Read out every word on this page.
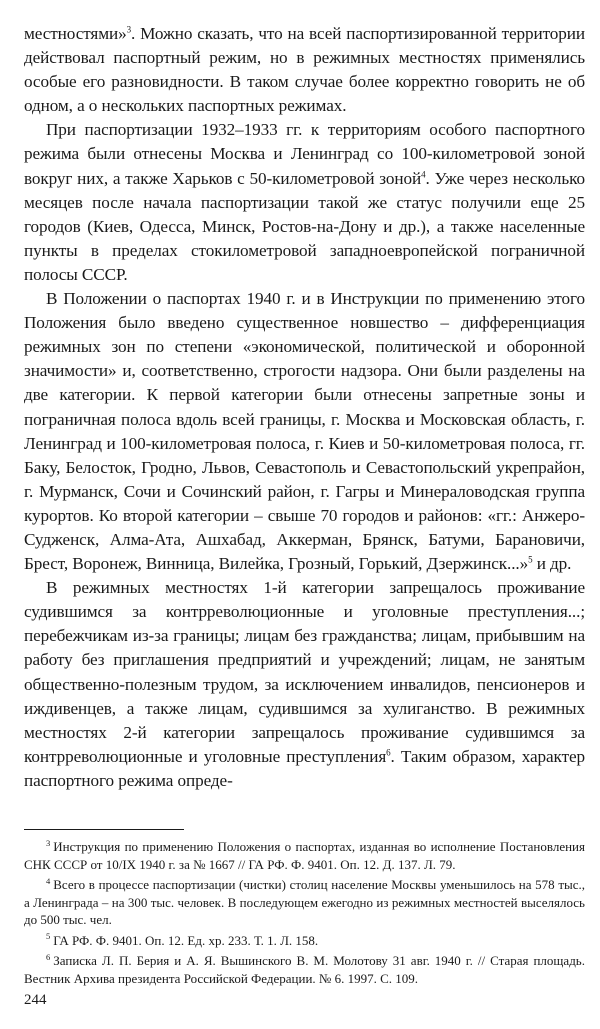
местностями»$^3$. Можно сказать, что на всей паспортизированной территории действовал паспортный режим, но в режимных местностях применялись особые его разновидности. В таком случае более корректно говорить не об одном, а о нескольких паспортных режимах.

При паспортизации 1932–1933 гг. к территориям особого паспортного режима были отнесены Москва и Ленинград со 100-километровой зоной вокруг них, а также Харьков с 50-километровой зоной$^4$. Уже через несколько месяцев после начала паспортизации такой же статус получили еще 25 городов (Киев, Одесса, Минск, Ростов-на-Дону и др.), а также населенные пункты в пределах стокилометровой западноевропейской пограничной полосы СССР.

В Положении о паспортах 1940 г. и в Инструкции по применению этого Положения было введено существенное новшество – дифференциация режимных зон по степени «экономической, политической и оборонной значимости» и, соответственно, строгости надзора. Они были разделены на две категории. К первой категории были отнесены запретные зоны и пограничная полоса вдоль всей границы, г. Москва и Московская область, г. Ленинград и 100-километровая полоса, г. Киев и 50-километровая полоса, гг. Баку, Белосток, Гродно, Львов, Севастополь и Севастопольский укрепрайон, г. Мурманск, Сочи и Сочинский район, г. Гагры и Минераловодская группа курортов. Ко второй категории – свыше 70 городов и районов: «гг.: Анжеро-Судженск, Алма-Ата, Ашхабад, Аккерман, Брянск, Батуми, Барановичи, Брест, Воронеж, Винница, Вилейка, Грозный, Горький, Дзержинск...»$^5$ и др.

В режимных местностях 1-й категории запрещалось проживание судившимся за контрреволюционные и уголовные преступления...; перебежчикам из-за границы; лицам без гражданства; лицам, прибывшим на работу без приглашения предприятий и учреждений; лицам, не занятым общественно-полезным трудом, за исключением инвалидов, пенсионеров и иждивенцев, а также лицам, судившимся за хулиганство. В режимных местностях 2-й категории запрещалось проживание судившимся за контрреволюционные и уголовные преступления$^6$. Таким образом, характер паспортного режима опреде-

$^3$ Инструкция по применению Положения о паспортах, изданная во исполнение Постановления СНК СССР от 10/IX 1940 г. за № 1667 // ГА РФ. Ф. 9401. Оп. 12. Д. 137. Л. 79.

$^4$ Всего в процессе паспортизации (чистки) столиц население Москвы уменьшилось на 578 тыс., а Ленинграда – на 300 тыс. человек. В последующем ежегодно из режимных местностей выселялось до 500 тыс. чел.

$^5$ ГА РФ. Ф. 9401. Оп. 12. Ед. хр. 233. Т. 1. Л. 158.

$^6$ Записка Л. П. Берия и А. Я. Вышинского В. М. Молотову 31 авг. 1940 г. // Старая площадь. Вестник Архива президента Российской Федерации. № 6. 1997. С. 109.

244
